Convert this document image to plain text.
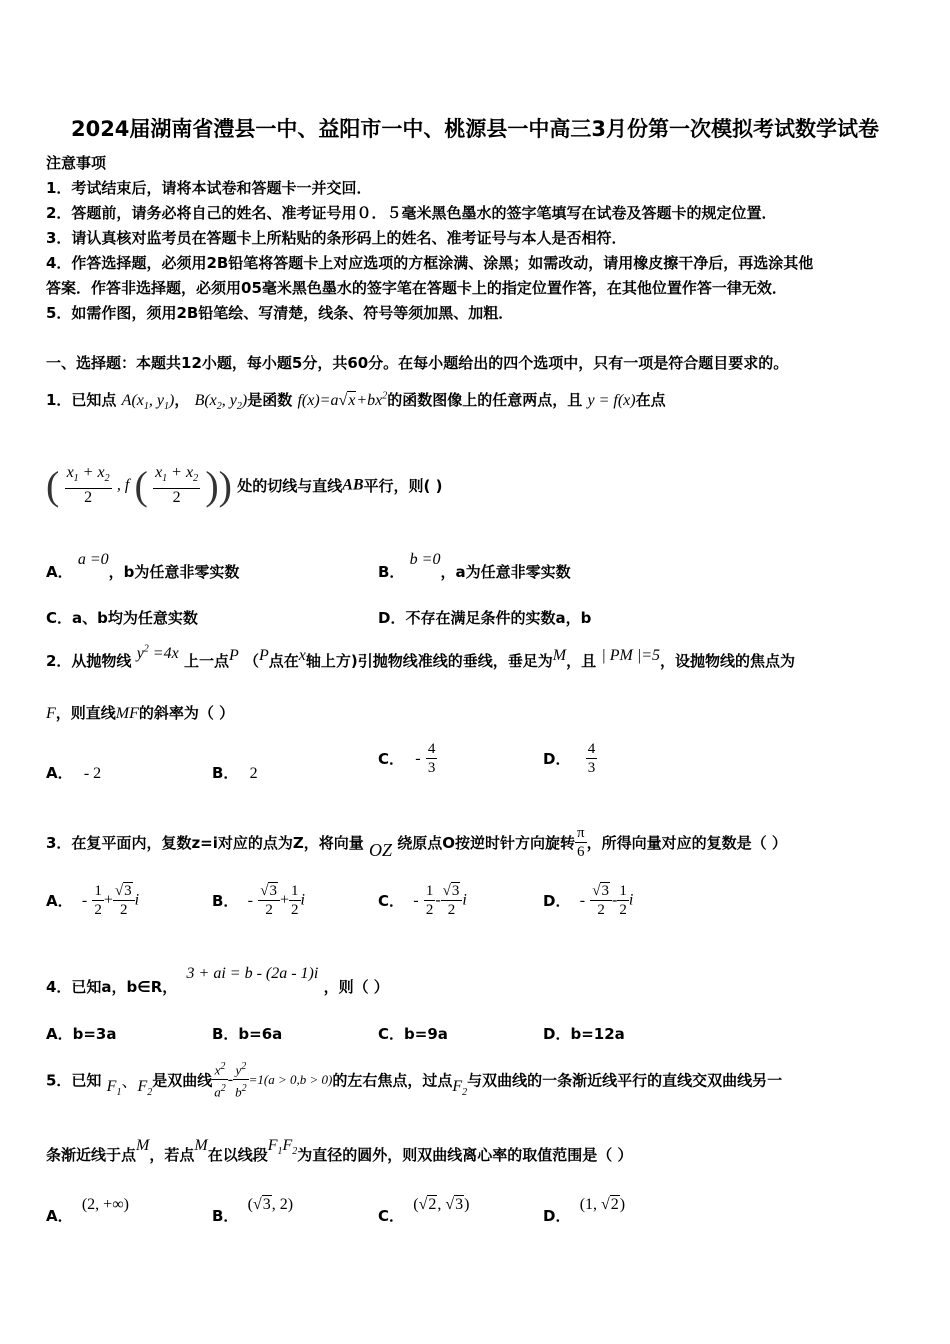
2024届湖南省澧县一中、益阳市一中、桃源县一中高三3月份第一次模拟考试数学试卷
注意事项
1．考试结束后，请将本试卷和答题卡一并交回．
2．答题前，请务必将自己的姓名、准考证号用０．５毫米黑色墨水的签字笔填写在试卷及答题卡的规定位置．
3．请认真核对监考员在答题卡上所粘贴的条形码上的姓名、准考证号与本人是否相符．
4．作答选择题，必须用2B铅笔将答题卡上对应选项的方框涂满、涂黑；如需改动，请用橡皮擦干净后，再选涂其他
答案．作答非选择题，必须用05毫米黑色墨水的签字笔在答题卡上的指定位置作答，在其他位置作答一律无效．
5．如需作图，须用2B铅笔绘、写清楚，线条、符号等须加黑、加粗．
一、选择题：本题共12小题，每小题5分，共60分。在每小题给出的四个选项中，只有一项是符合题目要求的。
1．已知点 $A(x_1$, $y_1$)， $B(x_2$, $y_2$)是函数 $f(x)=a√x+bx^2$的函数图像上的任意两点，且 y = f(x)在点
( $\frac{x_1 + x_2}{2}$ , f ( $\frac{x_1 + x_2}{2}$ )) 处的切线与直线AB平行，则( )
A． a =0，b为任意非零实数	B． b =0，a为任意非零实数
C．a、b均为任意实数	D．不存在满足条件的实数a，b
2．从抛物线 $y^2 =4x$ 上一点P （P点在x轴上方)引抛物线准线的垂线，垂足为M，且 | PM |=5，设抛物线的焦点为
F，则直线MF的斜率为（ ）
A． - 2	B． 2
C． - $\frac{4}{3}$	D． $\frac{4}{3}$
3．在复平面内，复数z=i对应的点为Z，将向量 OZ 绕原点O按逆时针方向旋转 $\frac{\pi}{6}$ ，所得向量对应的复数是（ ）
A． - $\frac{1}{2} + \frac{√3}{2}$ i	B． - $\frac{√3}{2} + \frac{1}{2}$ i	C． - $\frac{1}{2} - \frac{√3}{2}$ i	D． - $\frac{√3}{2} - \frac{1}{2}$ i
4．已知a，b∈R， 3 + ai = b - (2a - 1)i ，则（ ）
A．b=3a	B．b=6a	C．b=9a	D．b=12a
5．已知 $F_1$、$F_2$是双曲线 $\frac{x^2}{a^2} - \frac{y^2}{b^2} =1(a > 0,b > 0)$的左右焦点，过点$F_2$与双曲线的一条渐近线平行的直线交双曲线另一
条渐近线于点M，若点M在以线段$F_1F_2$为直径的圆外，则双曲线离心率的取值范围是（ ）
A． (2, +∞)
B． (√3, 2)
C． (√2, √3)
D． (1, √2)
